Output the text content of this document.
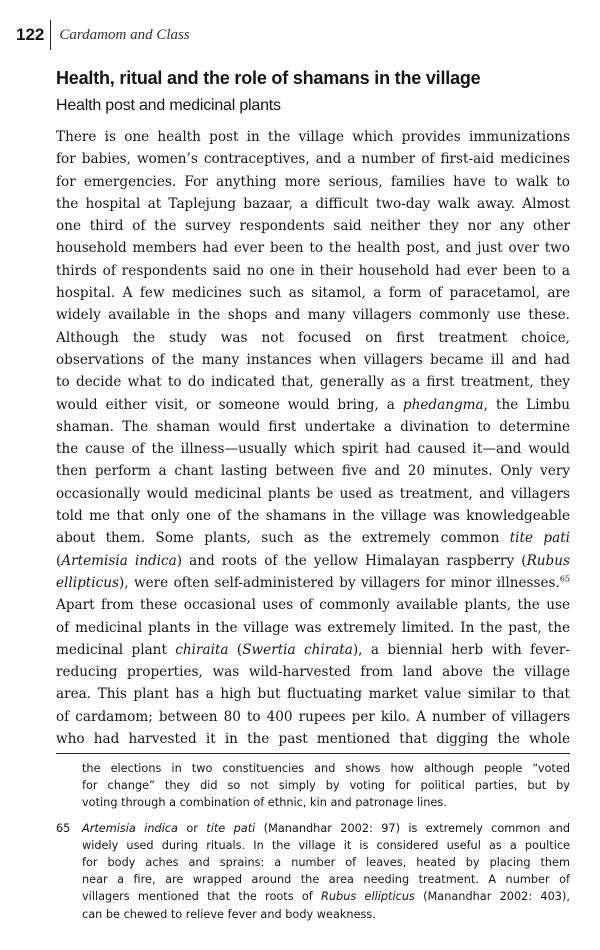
122 Cardamom and Class
Health, ritual and the role of shamans in the village
Health post and medicinal plants
There is one health post in the village which provides immunizations
for babies, women’s contraceptives, and a number of first-aid medicines
for emergencies. For anything more serious, families have to walk to
the hospital at Taplejung bazaar, a difficult two-day walk away. Almost
one third of the survey respondents said neither they nor any other
household members had ever been to the health post, and just over two
thirds of respondents said no one in their household had ever been to a
hospital. A few medicines such as sitamol, a form of paracetamol, are
widely available in the shops and many villagers commonly use these.
Although the study was not focused on first treatment choice,
observations of the many instances when villagers became ill and had
to decide what to do indicated that, generally as a first treatment, they
would either visit, or someone would bring, a phedangma, the Limbu
shaman. The shaman would first undertake a divination to determine
the cause of the illness—usually which spirit had caused it—and would
then perform a chant lasting between five and 20 minutes. Only very
occasionally would medicinal plants be used as treatment, and villagers
told me that only one of the shamans in the village was knowledgeable
about them. Some plants, such as the extremely common tite pati
(Artemisia indica) and roots of the yellow Himalayan raspberry (Rubus
ellipticus), were often self-administered by villagers for minor illnesses.$^{65}$
Apart from these occasional uses of commonly available plants, the use
of medicinal plants in the village was extremely limited. In the past, the
medicinal plant chiraita (Swertia chirata), a biennial herb with fever-
reducing properties, was wild-harvested from land above the village
area. This plant has a high but fluctuating market value similar to that
of cardamom; between 80 to 400 rupees per kilo. A number of villagers
who had harvested it in the past mentioned that digging the whole
the elections in two constituencies and shows how although people “voted
for change” they did so not simply by voting for political parties, but by
voting through a combination of ethnic, kin and patronage lines.
65 Artemisia indica or tite pati (Manandhar 2002: 97) is extremely common and
widely used during rituals. In the village it is considered useful as a poultice
for body aches and sprains: a number of leaves, heated by placing them
near a fire, are wrapped around the area needing treatment. A number of
villagers mentioned that the roots of Rubus ellipticus (Manandhar 2002: 403),
can be chewed to relieve fever and body weakness.
